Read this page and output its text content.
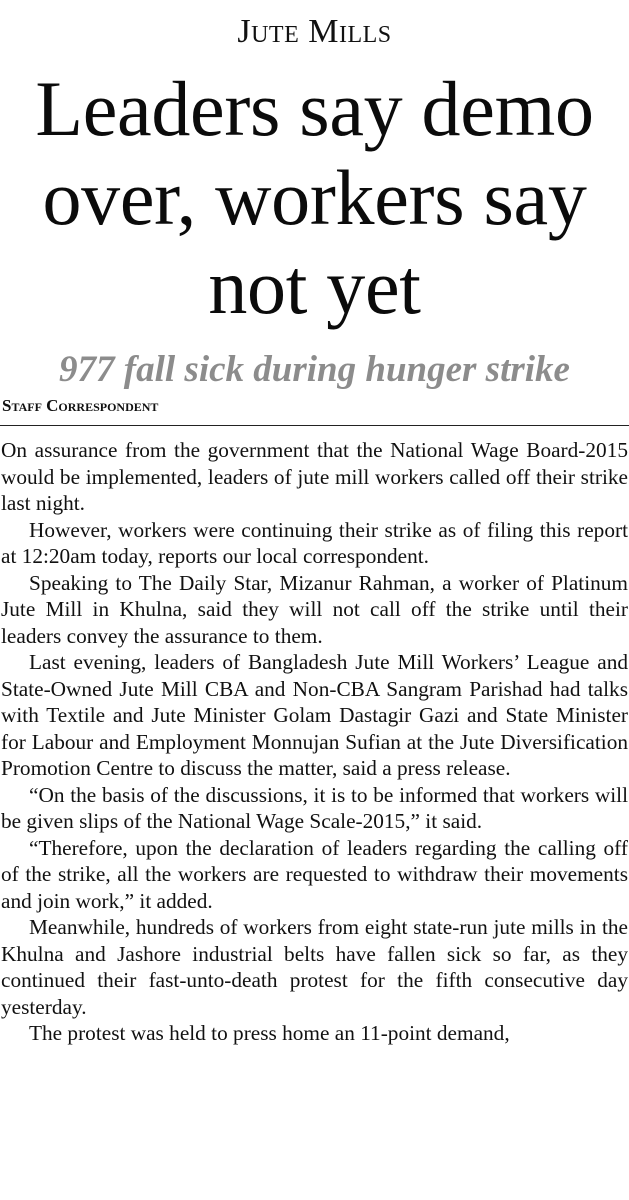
Jute Mills
Leaders say demo over, workers say not yet
977 fall sick during hunger strike
Staff Correspondent

On assurance from the government that the National Wage Board-2015 would be implemented, leaders of jute mill workers called off their strike last night.

However, workers were continuing their strike as of filing this report at 12:20am today, reports our local correspondent.

Speaking to The Daily Star, Mizanur Rahman, a worker of Platinum Jute Mill in Khulna, said they will not call off the strike until their leaders convey the assurance to them.

Last evening, leaders of Bangladesh Jute Mill Workers’ League and State-Owned Jute Mill CBA and Non-CBA Sangram Parishad had talks with Textile and Jute Minister Golam Dastagir Gazi and State Minister for Labour and Employment Monnujan Sufian at the Jute Diversification Promotion Centre to discuss the matter, said a press release.

“On the basis of the discussions, it is to be informed that workers will be given slips of the National Wage Scale-2015,” it said.

“Therefore, upon the declaration of leaders regarding the calling off of the strike, all the workers are requested to withdraw their movements and join work,” it added.

Meanwhile, hundreds of workers from eight state-run jute mills in the Khulna and Jashore industrial belts have fallen sick so far, as they continued their fast-unto-death protest for the fifth consecutive day yesterday.

The protest was held to press home an 11-point demand,
